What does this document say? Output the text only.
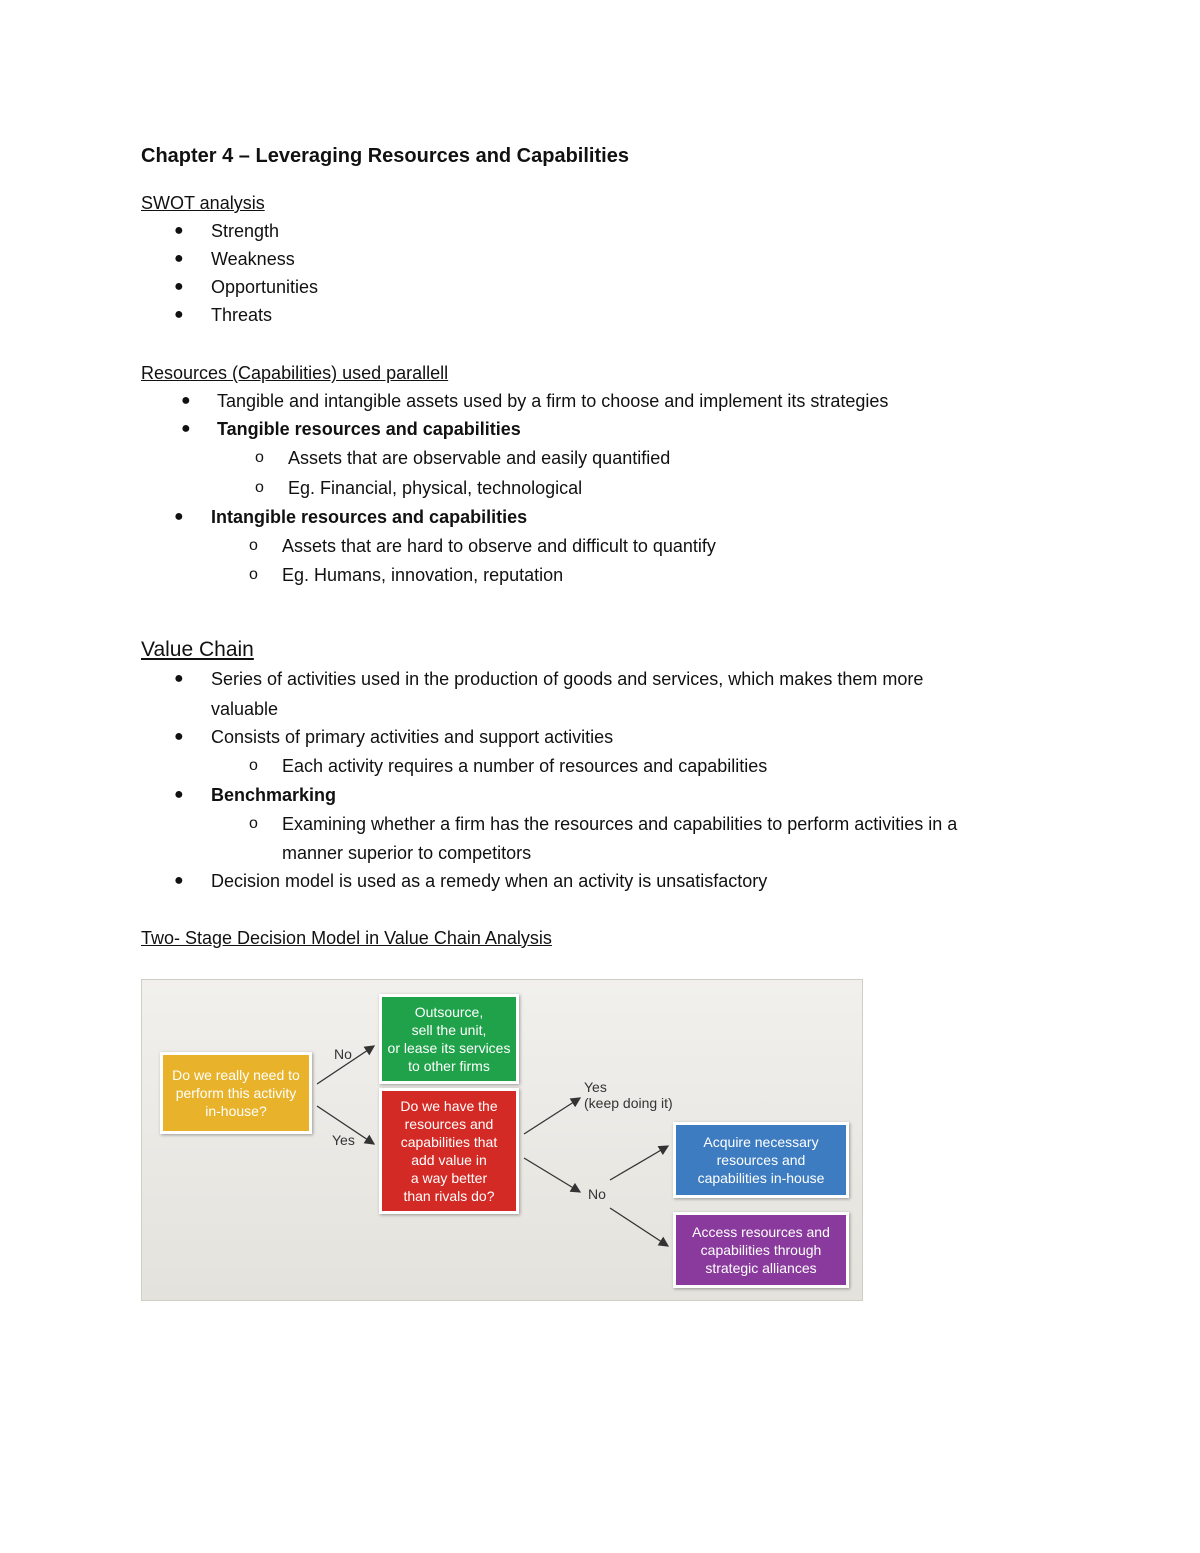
Chapter 4 – Leveraging Resources and Capabilities
SWOT analysis
● Strength
● Weakness
● Opportunities
● Threats
Resources (Capabilities) used parallell
● Tangible and intangible assets used by a firm to choose and implement its strategies
● Tangible resources and capabilities
o Assets that are observable and easily quantified
o Eg. Financial, physical, technological
● Intangible resources and capabilities
o Assets that are hard to observe and difficult to quantify
o Eg. Humans, innovation, reputation
Value Chain
● Series of activities used in the production of goods and services, which makes them more
valuable
● Consists of primary activities and support activities
o Each activity requires a number of resources and capabilities
● Benchmarking
o Examining whether a firm has the resources and capabilities to perform activities in a
manner superior to competitors
● Decision model is used as a remedy when an activity is unsatisfactory
Two- Stage Decision Model in Value Chain Analysis
Do we really need to
perform this activity
in-house?
Outsource,
sell the unit,
or lease its services
to other firms
Do we have the
resources and
capabilities that
add value in
a way better
than rivals do?
Acquire necessary
resources and
capabilities in-house
Access resources and
capabilities through
strategic alliances
No
Yes
Yes
(keep doing it)
No
